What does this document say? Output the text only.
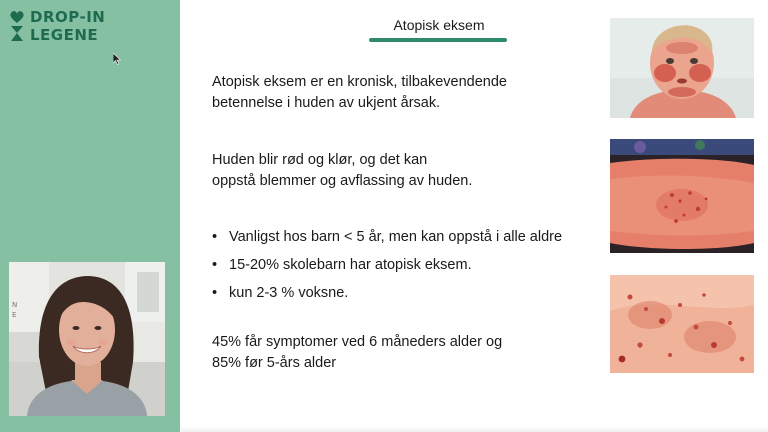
DROP-IN
LEGENE
N
E
Atopisk eksem
Atopisk eksem er en kronisk, tilbakevendende
betennelse i huden av ukjent årsak.
Huden blir rød og klør, og det kan
oppstå blemmer og avflassing av huden.
• Vanligst hos barn < 5 år, men kan oppstå i alle aldre
• 15-20% skolebarn har atopisk eksem.
• kun 2-3 % voksne.
45% får symptomer ved 6 måneders alder og
85% før 5-års alder
